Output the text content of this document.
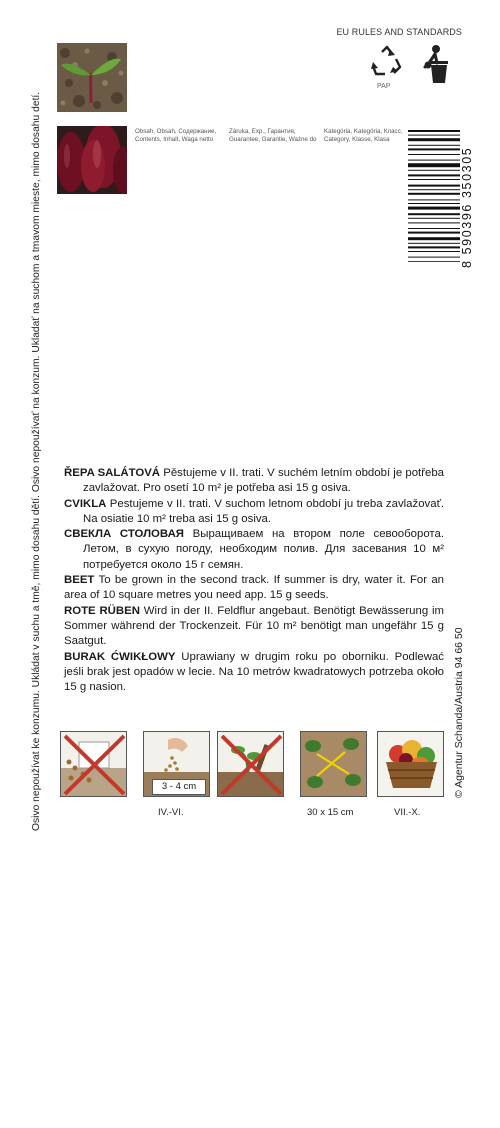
Osivo nepoužívat ke konzumu. Ukládat v suchu a tmě, mimo dosahu dětí. Osivo nepoužívať na konzum. Ukladať na suchom a tmavom mieste, mimo dosahu detí.
EU RULES AND STANDARDS
PAP
Obsah, Obsah, Содержание,
Contents, Inhalt, Waga netto
Záruka, Exp., Гарантия,
Guarantee, Garantie, Ważne do
Kategória, Kategória, Класс,
Category, Klasse, Klasa
8 590396 350305

ŘEPA SALÁTOVÁ Pěstujeme v II. trati. V suchém letním období je potřeba zavlažovat. Pro osetí 10 m² je potřeba asi 15 g osiva.

CVIKLA Pestujeme v II. trati. V suchom letnom období ju treba zavlažovať. Na osiatie 10 m² treba asi 15 g osiva.

СВЕКЛА СТОЛОВАЯ Выращиваем на втором поле севооборота. Летом, в сухую погоду, необходим полив. Для засевания 10 м² потребуется около 15 г семян.

BEET To be grown in the second track. If summer is dry, water it. For an area of 10 square metres you need app. 15 g seeds.

ROTE RÜBEN Wird in der II. Feldflur angebaut. Benötigt Bewässerung im Sommer während der Trockenzeit. Für 10 m² benötigt man ungefähr 15 g Saatgut.

BURAK ĆWIKŁOWY Uprawiany w drugim roku po oborniku. Podlewać jeśli brak jest opadów w lecie. Na 10 metrów kwadratowych potrzeba około 15 g nasion.	© Agentur Schanda/Austria 94 66 50
3 - 4 cm
IV.-VI.	30 x 15 cm	VII.-X.
